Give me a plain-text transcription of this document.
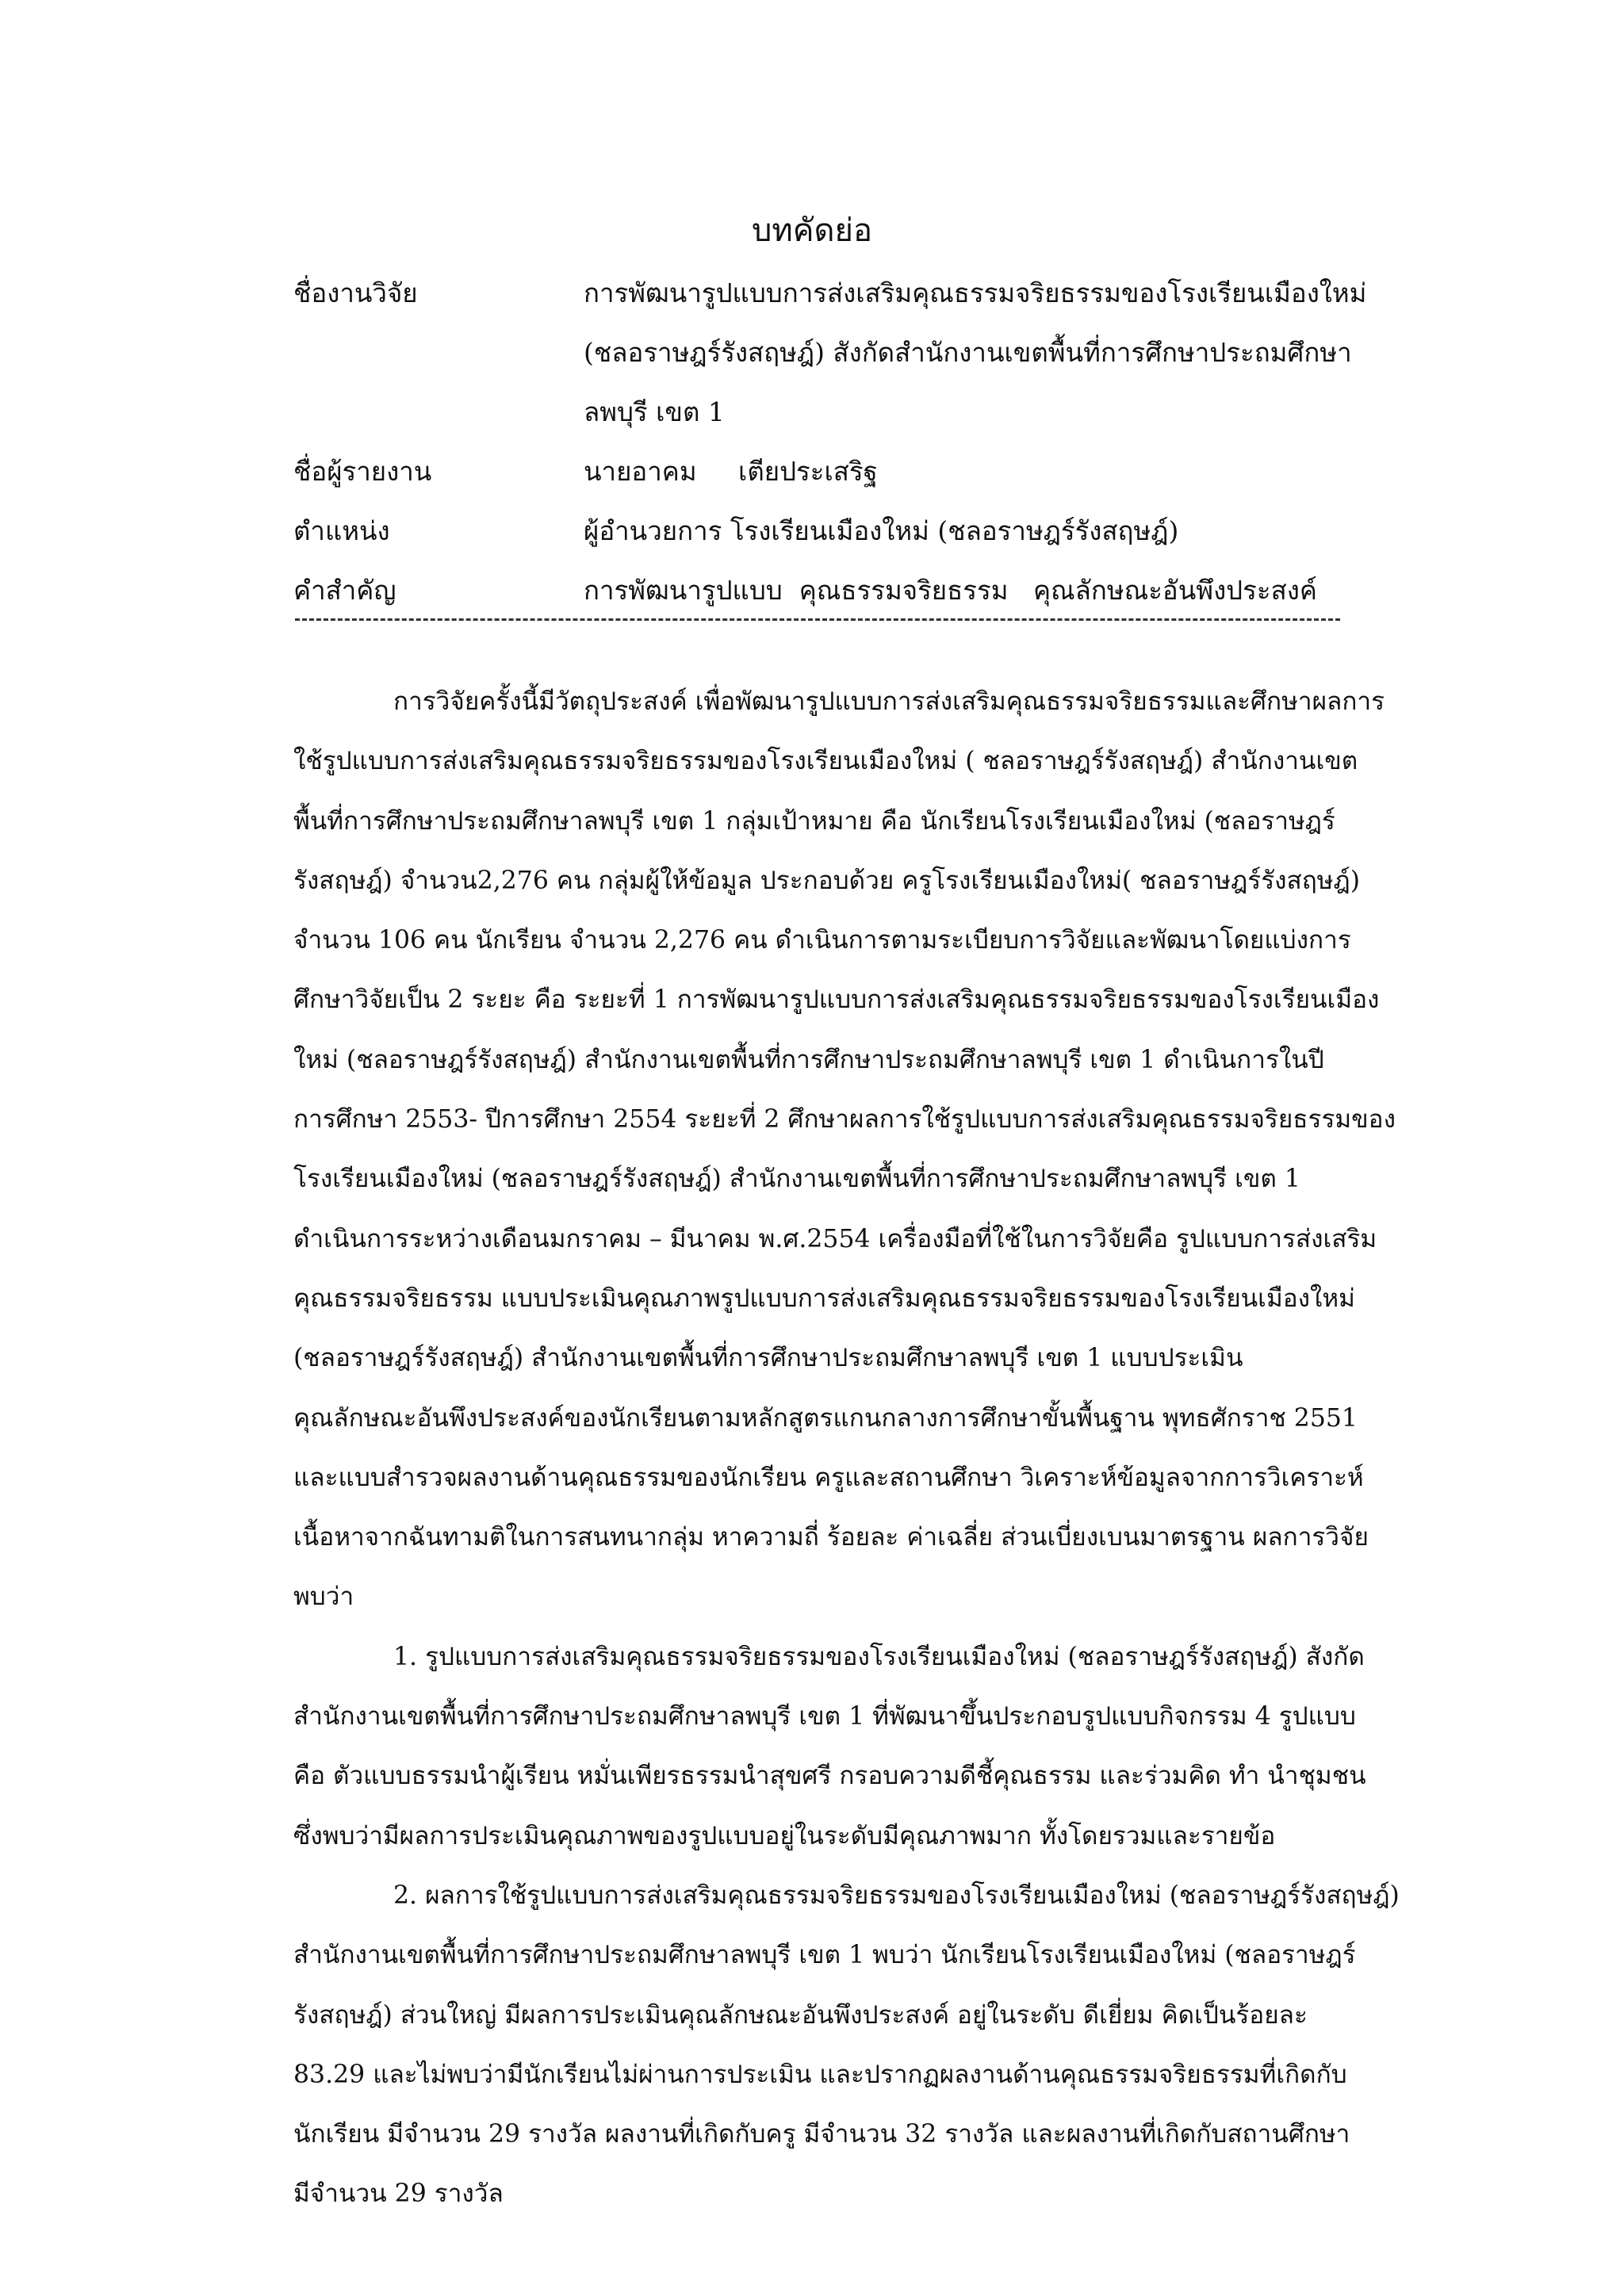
บทคัดย่อ
ชื่องานวิจัย	การพัฒนารูปแบบการส่งเสริมคุณธรรมจริยธรรมของโรงเรียนเมืองใหม่
(ชลอราษฎร์รังสฤษฎ์) สังกัดสำนักงานเขตพื้นที่การศึกษาประถมศึกษา
ลพบุรี เขต 1
ชื่อผู้รายงาน	นายอาคม     เตียประเสริฐ
ตำแหน่ง	ผู้อำนวยการ โรงเรียนเมืองใหม่ (ชลอราษฎร์รังสฤษฎ์)
คำสำคัญ	การพัฒนารูปแบบ  คุณธรรมจริยธรรม   คุณลักษณะอันพึงประสงค์
การวิจัยครั้งนี้มีวัตถุประสงค์ เพื่อพัฒนารูปแบบการส่งเสริมคุณธรรมจริยธรรมและศึกษาผลการ
ใช้รูปแบบการส่งเสริมคุณธรรมจริยธรรมของโรงเรียนเมืองใหม่ ( ชลอราษฎร์รังสฤษฎ์) สำนักงานเขต
พื้นที่การศึกษาประถมศึกษาลพบุรี เขต 1 กลุ่มเป้าหมาย คือ นักเรียนโรงเรียนเมืองใหม่ (ชลอราษฎร์
รังสฤษฎ์) จำนวน2,276 คน กลุ่มผู้ให้ข้อมูล ประกอบด้วย ครูโรงเรียนเมืองใหม่( ชลอราษฎร์รังสฤษฎ์)
จำนวน 106 คน นักเรียน จำนวน 2,276 คน ดำเนินการตามระเบียบการวิจัยและพัฒนาโดยแบ่งการ
ศึกษาวิจัยเป็น 2 ระยะ คือ ระยะที่ 1 การพัฒนารูปแบบการส่งเสริมคุณธรรมจริยธรรมของโรงเรียนเมือง
ใหม่ (ชลอราษฎร์รังสฤษฎ์) สำนักงานเขตพื้นที่การศึกษาประถมศึกษาลพบุรี เขต 1 ดำเนินการในปี
การศึกษา 2553- ปีการศึกษา 2554 ระยะที่ 2 ศึกษาผลการใช้รูปแบบการส่งเสริมคุณธรรมจริยธรรมของ
โรงเรียนเมืองใหม่ (ชลอราษฎร์รังสฤษฎ์) สำนักงานเขตพื้นที่การศึกษาประถมศึกษาลพบุรี เขต 1
ดำเนินการระหว่างเดือนมกราคม – มีนาคม พ.ศ.2554 เครื่องมือที่ใช้ในการวิจัยคือ รูปแบบการส่งเสริม
คุณธรรมจริยธรรม แบบประเมินคุณภาพรูปแบบการส่งเสริมคุณธรรมจริยธรรมของโรงเรียนเมืองใหม่
(ชลอราษฎร์รังสฤษฎ์) สำนักงานเขตพื้นที่การศึกษาประถมศึกษาลพบุรี เขต 1 แบบประเมิน
คุณลักษณะอันพึงประสงค์ของนักเรียนตามหลักสูตรแกนกลางการศึกษาขั้นพื้นฐาน พุทธศักราช 2551
และแบบสำรวจผลงานด้านคุณธรรมของนักเรียน ครูและสถานศึกษา วิเคราะห์ข้อมูลจากการวิเคราะห์
เนื้อหาจากฉันทามติในการสนทนากลุ่ม หาความถี่ ร้อยละ ค่าเฉลี่ย ส่วนเบี่ยงเบนมาตรฐาน ผลการวิจัย
พบว่า
1. รูปแบบการส่งเสริมคุณธรรมจริยธรรมของโรงเรียนเมืองใหม่ (ชลอราษฎร์รังสฤษฎ์) สังกัด
สำนักงานเขตพื้นที่การศึกษาประถมศึกษาลพบุรี เขต 1 ที่พัฒนาขึ้นประกอบรูปแบบกิจกรรม 4 รูปแบบ
คือ ตัวแบบธรรมนำผู้เรียน หมั่นเพียรธรรมนำสุขศรี กรอบความดีชี้คุณธรรม และร่วมคิด ทำ นำชุมชน
ซึ่งพบว่ามีผลการประเมินคุณภาพของรูปแบบอยู่ในระดับมีคุณภาพมาก ทั้งโดยรวมและรายข้อ
2. ผลการใช้รูปแบบการส่งเสริมคุณธรรมจริยธรรมของโรงเรียนเมืองใหม่ (ชลอราษฎร์รังสฤษฎ์)
สำนักงานเขตพื้นที่การศึกษาประถมศึกษาลพบุรี เขต 1 พบว่า นักเรียนโรงเรียนเมืองใหม่ (ชลอราษฎร์
รังสฤษฎ์) ส่วนใหญ่ มีผลการประเมินคุณลักษณะอันพึงประสงค์ อยู่ในระดับ ดีเยี่ยม คิดเป็นร้อยละ
83.29 และไม่พบว่ามีนักเรียนไม่ผ่านการประเมิน และปรากฏผลงานด้านคุณธรรมจริยธรรมที่เกิดกับ
นักเรียน มีจำนวน 29 รางวัล ผลงานที่เกิดกับครู มีจำนวน 32 รางวัล และผลงานที่เกิดกับสถานศึกษา
มีจำนวน 29 รางวัล
